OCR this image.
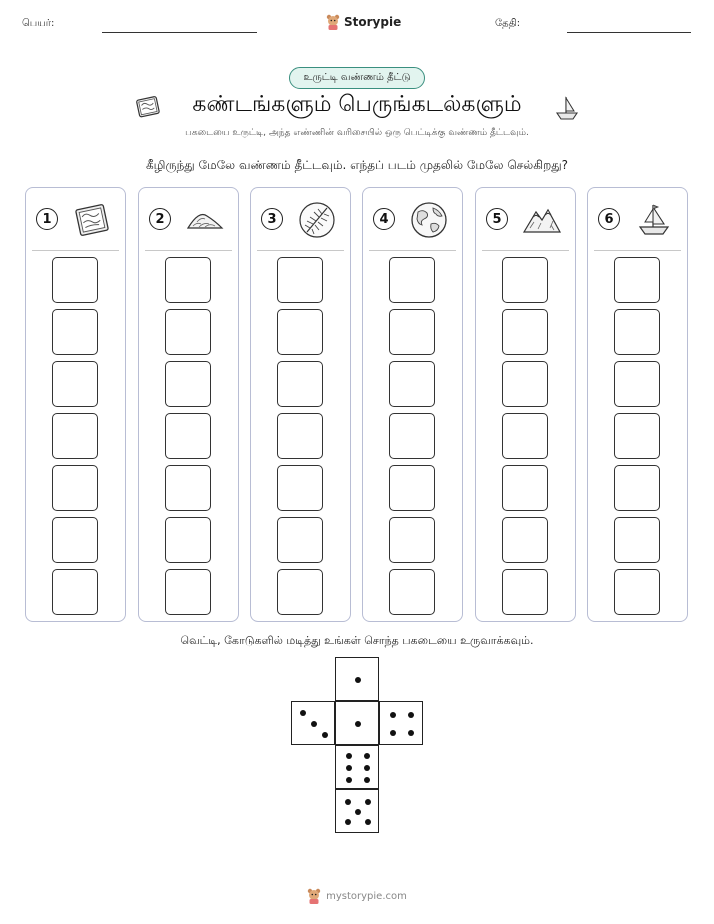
பெயர்:	Storypie	தேதி:
உருட்டி வண்ணம் தீட்டு
கண்டங்களும் பெருங்கடல்களும்
பகடையை உருட்டி, அந்த எண்ணின் வரிசையில் ஒரு பெட்டிக்கு வண்ணம் தீட்டவும்.
கீழிருந்து மேலே வண்ணம் தீட்டவும். எந்தப் படம் முதலில் மேலே செல்கிறது?
1	2	3	4	5	6
வெட்டி, கோடுகளில் மடித்து உங்கள் சொந்த பகடையை உருவாக்கவும்.
mystorypie.com
